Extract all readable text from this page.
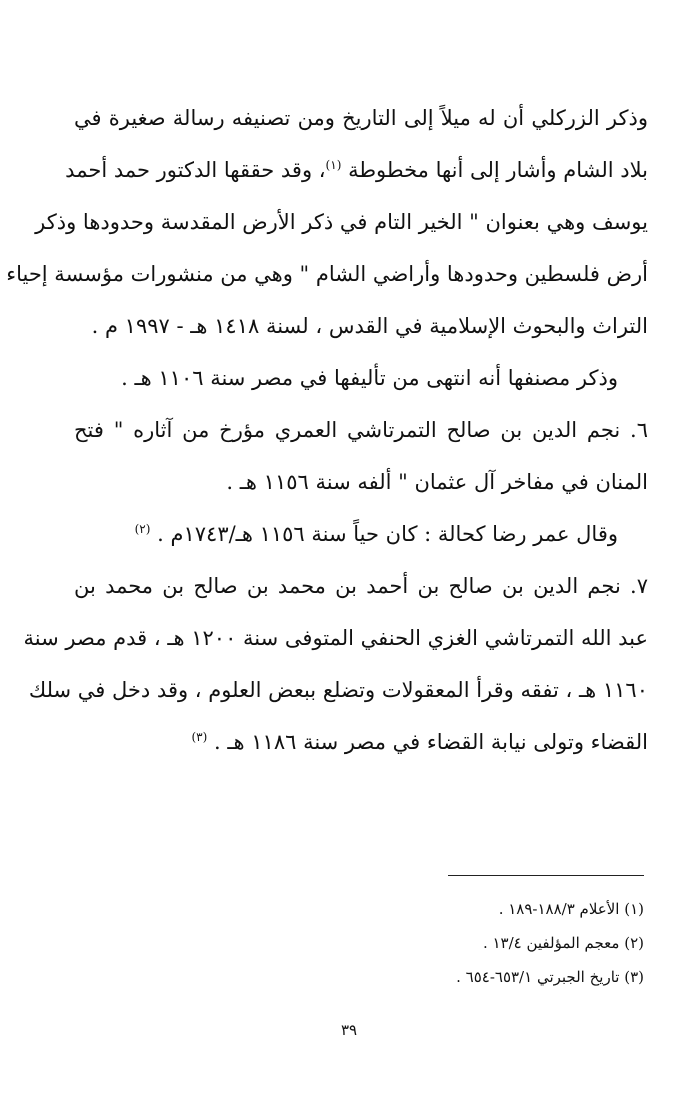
وذكر الزركلي أن له ميلاً إلى التاريخ ومن تصنيفه رسالة صغيرة في
بلاد الشام وأشار إلى أنها مخطوطة $^{(١)}$، وقد حققها الدكتور حمد أحمد
يوسف وهي بعنوان " الخير التام في ذكر الأرض المقدسة وحدودها وذكر
أرض فلسطين وحدودها وأراضي الشام " وهي من منشورات مؤسسة إحياء
التراث والبحوث الإسلامية في القدس ، لسنة ١٤١٨ هـ - ١٩٩٧ م .
وذكر مصنفها أنه انتهى من تأليفها في مصر سنة ١١٠٦ هـ .
٦. نجم الدين بن صالح التمرتاشي العمري مؤرخ من آثاره " فتح
المنان في مفاخر آل عثمان " ألفه سنة ١١٥٦ هـ .
وقال عمر رضا كحالة : كان حياً سنة ١١٥٦ هـ/١٧٤٣م . $^{(٢)}$
٧. نجم الدين بن صالح بن أحمد بن محمد بن صالح بن محمد بن
عبد الله التمرتاشي الغزي الحنفي المتوفى سنة ١٢٠٠ هـ ، قدم مصر سنة
١١٦٠ هـ ، تفقه وقرأ المعقولات وتضلع ببعض العلوم ، وقد دخل في سلك
القضاء وتولى نيابة القضاء في مصر سنة ١١٨٦ هـ . $^{(٣)}$
(١) الأعلام ١٨٨/٣-١٨٩ .
(٢) معجم المؤلفين ١٣/٤ .
(٣) تاريخ الجبرتي ٦٥٣/١-٦٥٤ .
٣٩
